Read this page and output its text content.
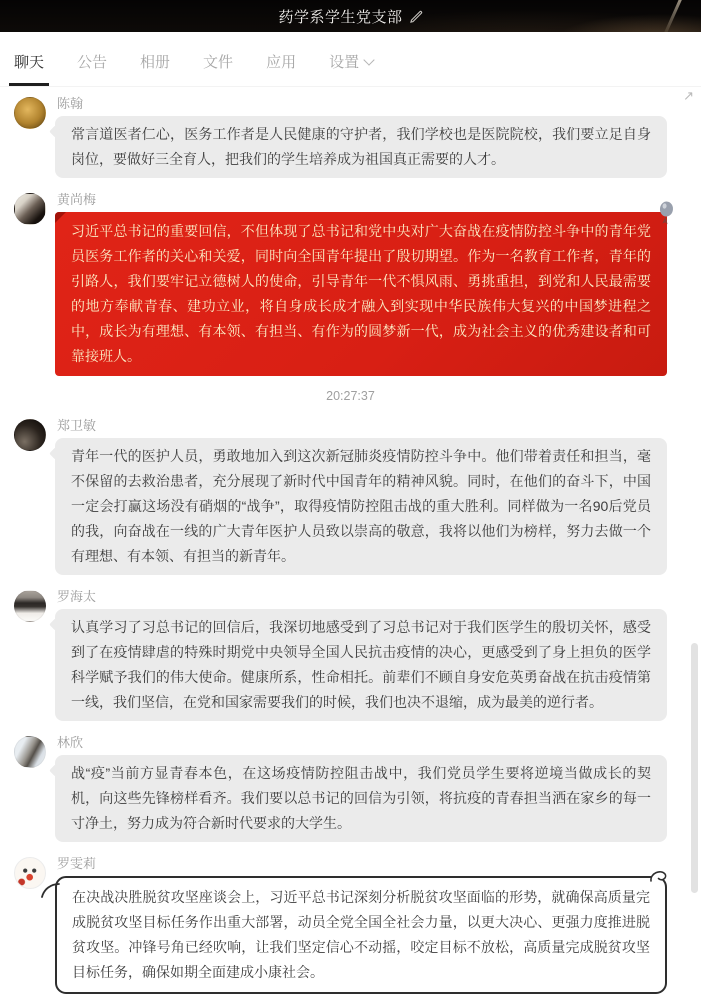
药学系学生党支部
聊天 公告 相册 文件 应用 设置
↗
陈翰
常言道医者仁心，医务工作者是人民健康的守护者，我们学校也是医院院校，我们要立足自身岗位，要做好三全育人，把我们的学生培养成为祖国真正需要的人才。
黄尚梅
习近平总书记的重要回信，不但体现了总书记和党中央对广大奋战在疫情防控斗争中的青年党员医务工作者的关心和关爱，同时向全国青年提出了殷切期望。作为一名教育工作者，青年的引路人，我们要牢记立德树人的使命，引导青年一代不惧风雨、勇挑重担，到党和人民最需要的地方奉献青春、建功立业，将自身成长成才融入到实现中华民族伟大复兴的中国梦进程之中，成长为有理想、有本领、有担当、有作为的圆梦新一代，成为社会主义的优秀建设者和可靠接班人。
20:27:37
郑卫敏
青年一代的医护人员，勇敢地加入到这次新冠肺炎疫情防控斗争中。他们带着责任和担当，毫不保留的去救治患者，充分展现了新时代中国青年的精神风貌。同时，在他们的奋斗下，中国一定会打赢这场没有硝烟的“战争”，取得疫情防控阻击战的重大胜利。同样做为一名90后党员的我，向奋战在一线的广大青年医护人员致以崇高的敬意，我将以他们为榜样，努力去做一个有理想、有本领、有担当的新青年。
罗海太
认真学习了习总书记的回信后，我深切地感受到了习总书记对于我们医学生的殷切关怀，感受到了在疫情肆虐的特殊时期党中央领导全国人民抗击疫情的决心，更感受到了身上担负的医学科学赋予我们的伟大使命。健康所系，性命相托。前辈们不顾自身安危英勇奋战在抗击疫情第一线，我们坚信，在党和国家需要我们的时候，我们也决不退缩，成为最美的逆行者。
林欣
战“疫”当前方显青春本色，在这场疫情防控阻击战中，我们党员学生要将逆境当做成长的契机，向这些先锋榜样看齐。我们要以总书记的回信为引领，将抗疫的青春担当洒在家乡的每一寸净土，努力成为符合新时代要求的大学生。
罗雯莉
在决战决胜脱贫攻坚座谈会上，习近平总书记深刻分析脱贫攻坚面临的形势，就确保高质量完成脱贫攻坚目标任务作出重大部署，动员全党全国全社会力量，以更大决心、更强力度推进脱贫攻坚。冲锋号角已经吹响，让我们坚定信心不动摇，咬定目标不放松，高质量完成脱贫攻坚目标任务，确保如期全面建成小康社会。
